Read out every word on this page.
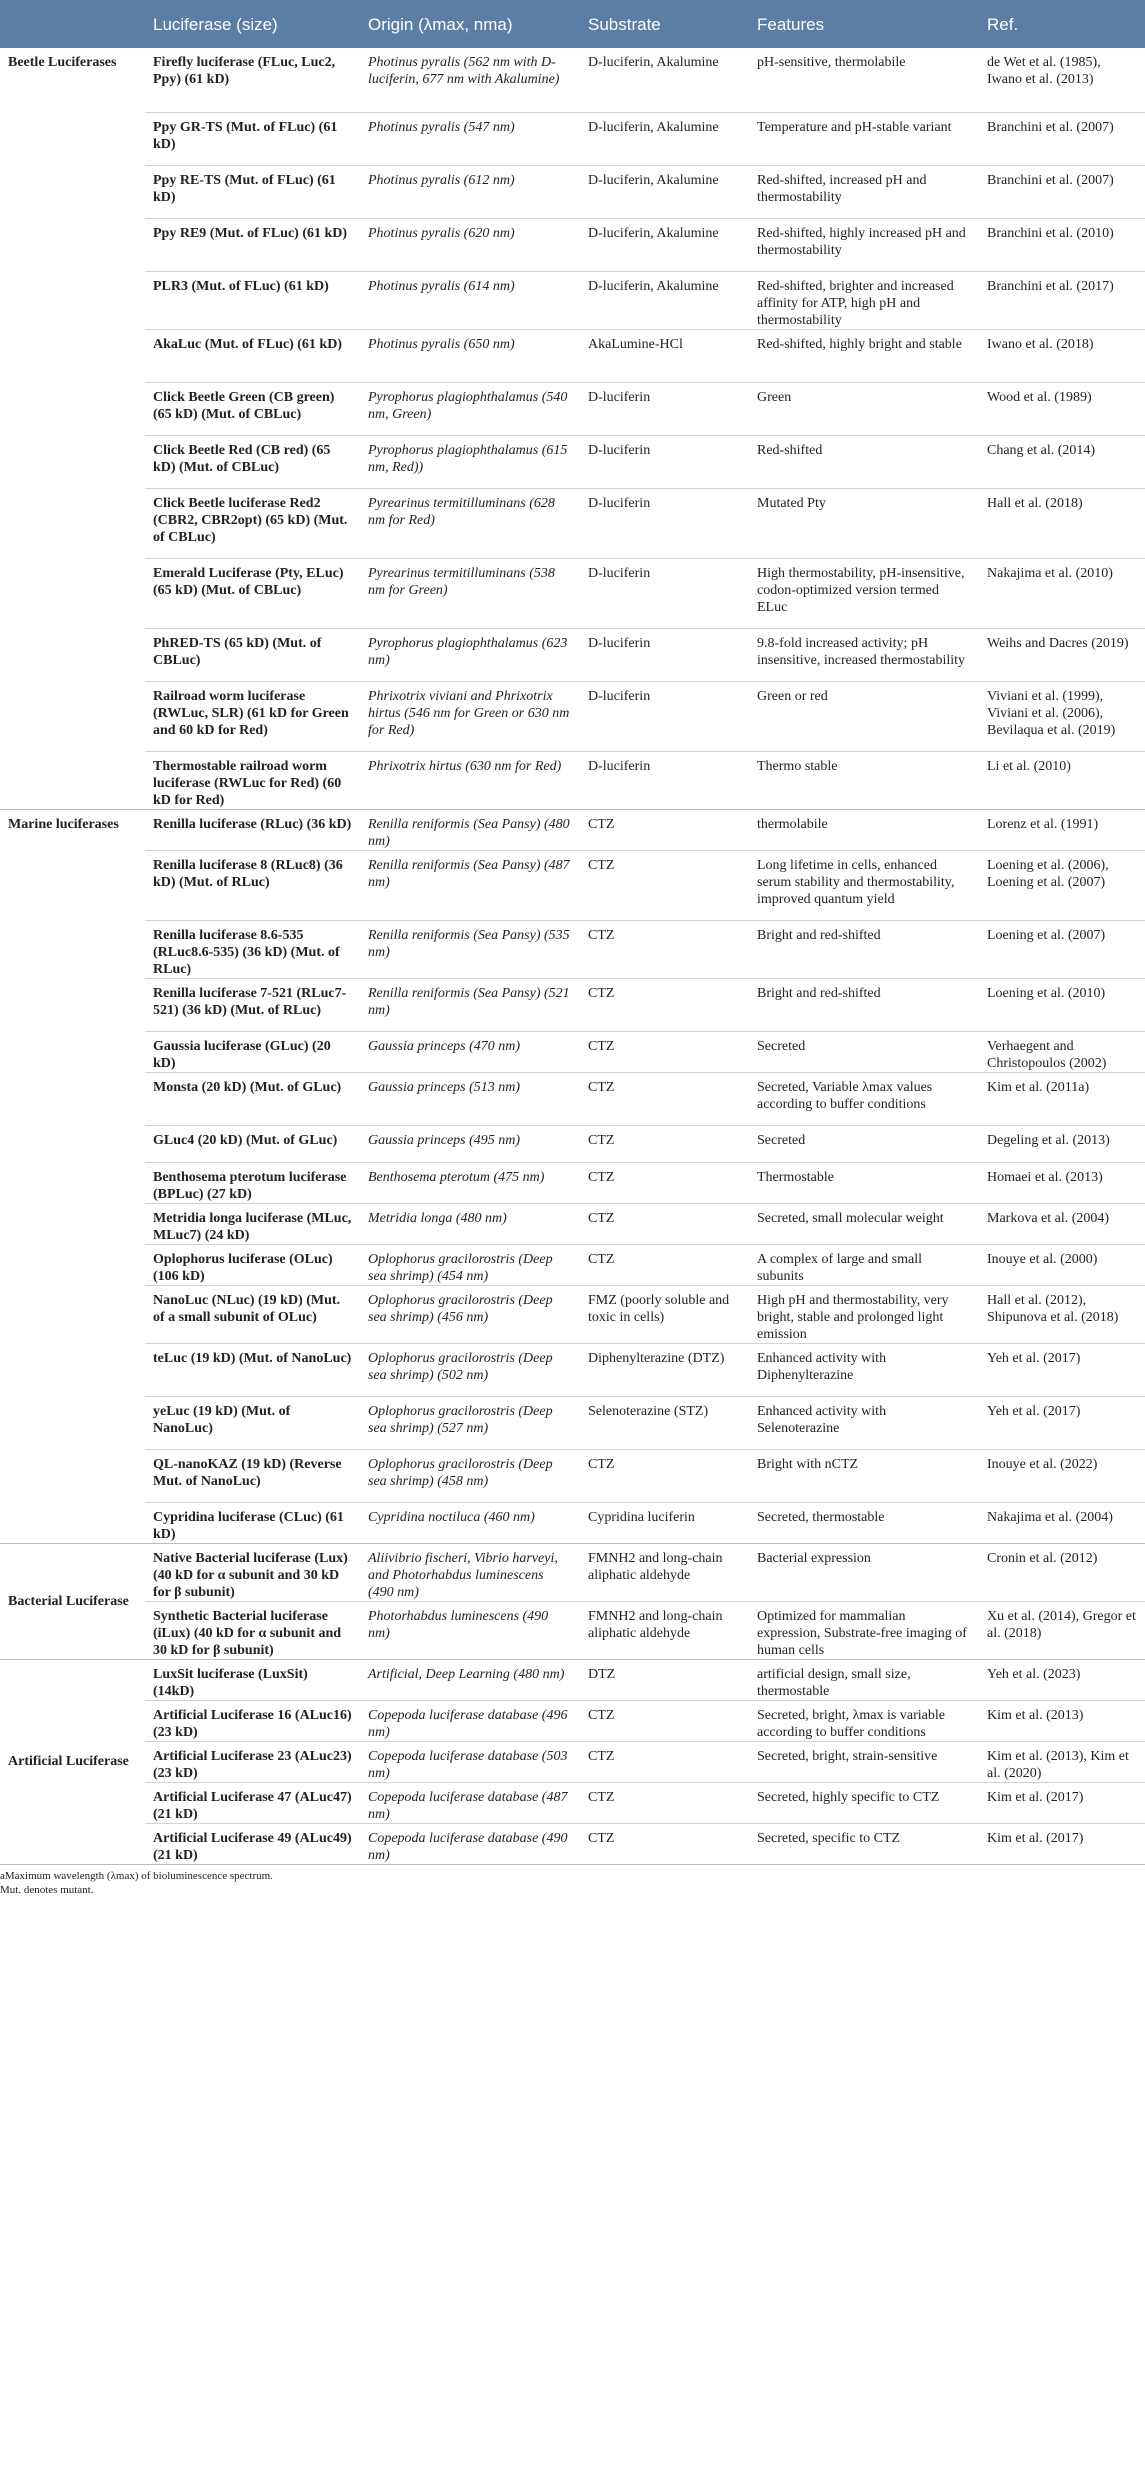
	Luciferase (size)	Origin (λmax, nma)	Substrate	Features	Ref.
Beetle Luciferases	Firefly luciferase (FLuc, Luc2, Ppy) (61 kD)	Photinus pyralis (562 nm with D-luciferin, 677 nm with Akalumine)	D-luciferin, Akalumine	pH-sensitive, thermolabile	de Wet et al. (1985), Iwano et al. (2013)
	Ppy GR-TS (Mut. of FLuc) (61 kD)	Photinus pyralis (547 nm)	D-luciferin, Akalumine	Temperature and pH-stable variant	Branchini et al. (2007)
	Ppy RE-TS (Mut. of FLuc) (61 kD)	Photinus pyralis (612 nm)	D-luciferin, Akalumine	Red-shifted, increased pH and thermostability	Branchini et al. (2007)
	Ppy RE9 (Mut. of FLuc) (61 kD)	Photinus pyralis (620 nm)	D-luciferin, Akalumine	Red-shifted, highly increased pH and thermostability	Branchini et al. (2010)
	PLR3 (Mut. of FLuc) (61 kD)	Photinus pyralis (614 nm)	D-luciferin, Akalumine	Red-shifted, brighter and increased affinity for ATP, high pH and thermostability	Branchini et al. (2017)
	AkaLuc (Mut. of FLuc) (61 kD)	Photinus pyralis (650 nm)	AkaLumine-HCl	Red-shifted, highly bright and stable	Iwano et al. (2018)
	Click Beetle Green (CB green) (65 kD) (Mut. of CBLuc)	Pyrophorus plagiophthalamus (540 nm, Green)	D-luciferin	Green	Wood et al. (1989)
	Click Beetle Red (CB red) (65 kD) (Mut. of CBLuc)	Pyrophorus plagiophthalamus (615 nm, Red))	D-luciferin	Red-shifted	Chang et al. (2014)
	Click Beetle luciferase Red2 (CBR2, CBR2opt) (65 kD) (Mut. of CBLuc)	Pyrearinus termitilluminans (628 nm for Red)	D-luciferin	Mutated Pty	Hall et al. (2018)
	Emerald Luciferase (Pty, ELuc) (65 kD) (Mut. of CBLuc)	Pyrearinus termitilluminans (538 nm for Green)	D-luciferin	High thermostability, pH-insensitive, codon-optimized version termed ELuc	Nakajima et al. (2010)
	PhRED-TS (65 kD) (Mut. of CBLuc)	Pyrophorus plagiophthalamus (623 nm)	D-luciferin	9.8-fold increased activity; pH insensitive, increased thermostability	Weihs and Dacres (2019)
	Railroad worm luciferase (RWLuc, SLR) (61 kD for Green and 60 kD for Red)	Phrixotrix viviani and Phrixotrix hirtus (546 nm for Green or 630 nm for Red)	D-luciferin	Green or red	Viviani et al. (1999), Viviani et al. (2006), Bevilaqua et al. (2019)
	Thermostable railroad worm luciferase (RWLuc for Red) (60 kD for Red)	Phrixotrix hirtus (630 nm for Red)	D-luciferin	Thermo stable	Li et al. (2010)
Marine luciferases	Renilla luciferase (RLuc) (36 kD)	Renilla reniformis (Sea Pansy) (480 nm)	CTZ	thermolabile	Lorenz et al. (1991)
	Renilla luciferase 8 (RLuc8) (36 kD) (Mut. of RLuc)	Renilla reniformis (Sea Pansy) (487 nm)	CTZ	Long lifetime in cells, enhanced serum stability and thermostability, improved quantum yield	Loening et al. (2006), Loening et al. (2007)
	Renilla luciferase 8.6-535 (RLuc8.6-535) (36 kD) (Mut. of RLuc)	Renilla reniformis (Sea Pansy) (535 nm)	CTZ	Bright and red-shifted	Loening et al. (2007)
	Renilla luciferase 7-521 (RLuc7-521) (36 kD) (Mut. of RLuc)	Renilla reniformis (Sea Pansy) (521 nm)	CTZ	Bright and red-shifted	Loening et al. (2010)
	Gaussia luciferase (GLuc) (20 kD)	Gaussia princeps (470 nm)	CTZ	Secreted	Verhaegent and Christopoulos (2002)
	Monsta (20 kD) (Mut. of GLuc)	Gaussia princeps (513 nm)	CTZ	Secreted, Variable λmax values according to buffer conditions	Kim et al. (2011a)
	GLuc4 (20 kD) (Mut. of GLuc)	Gaussia princeps (495 nm)	CTZ	Secreted	Degeling et al. (2013)
	Benthosema pterotum luciferase (BPLuc) (27 kD)	Benthosema pterotum (475 nm)	CTZ	Thermostable	Homaei et al. (2013)
	Metridia longa luciferase (MLuc, MLuc7) (24 kD)	Metridia longa (480 nm)	CTZ	Secreted, small molecular weight	Markova et al. (2004)
	Oplophorus luciferase (OLuc) (106 kD)	Oplophorus gracilorostris (Deep sea shrimp) (454 nm)	CTZ	A complex of large and small subunits	Inouye et al. (2000)
	NanoLuc (NLuc) (19 kD) (Mut. of a small subunit of OLuc)	Oplophorus gracilorostris (Deep sea shrimp) (456 nm)	FMZ (poorly soluble and toxic in cells)	High pH and thermostability, very bright, stable and prolonged light emission	Hall et al. (2012), Shipunova et al. (2018)
	teLuc (19 kD) (Mut. of NanoLuc)	Oplophorus gracilorostris (Deep sea shrimp) (502 nm)	Diphenylterazine (DTZ)	Enhanced activity with Diphenylterazine	Yeh et al. (2017)
	yeLuc (19 kD) (Mut. of NanoLuc)	Oplophorus gracilorostris (Deep sea shrimp) (527 nm)	Selenoterazine (STZ)	Enhanced activity with Selenoterazine	Yeh et al. (2017)
	QL-nanoKAZ (19 kD) (Reverse Mut. of NanoLuc)	Oplophorus gracilorostris (Deep sea shrimp) (458 nm)	CTZ	Bright with nCTZ	Inouye et al. (2022)
	Cypridina luciferase (CLuc) (61 kD)	Cypridina noctiluca (460 nm)	Cypridina luciferin	Secreted, thermostable	Nakajima et al. (2004)
Bacterial Luciferase	Native Bacterial luciferase (Lux) (40 kD for α subunit and 30 kD for β subunit)	Aliivibrio fischeri, Vibrio harveyi, and Photorhabdus luminescens (490 nm)	FMNH2 and long-chain aliphatic aldehyde	Bacterial expression	Cronin et al. (2012)
	Synthetic Bacterial luciferase (iLux) (40 kD for α subunit and 30 kD for β subunit)	Photorhabdus luminescens (490 nm)	FMNH2 and long-chain aliphatic aldehyde	Optimized for mammalian expression, Substrate-free imaging of human cells	Xu et al. (2014), Gregor et al. (2018)
Artificial Luciferase	LuxSit luciferase (LuxSit) (14kD)	Artificial, Deep Learning (480 nm)	DTZ	artificial design, small size, thermostable	Yeh et al. (2023)
	Artificial Luciferase 16 (ALuc16) (23 kD)	Copepoda luciferase database (496 nm)	CTZ	Secreted, bright, λmax is variable according to buffer conditions	Kim et al. (2013)
	Artificial Luciferase 23 (ALuc23) (23 kD)	Copepoda luciferase database (503 nm)	CTZ	Secreted, bright, strain-sensitive	Kim et al. (2013), Kim et al. (2020)
	Artificial Luciferase 47 (ALuc47) (21 kD)	Copepoda luciferase database (487 nm)	CTZ	Secreted, highly specific to CTZ	Kim et al. (2017)
	Artificial Luciferase 49 (ALuc49) (21 kD)	Copepoda luciferase database (490 nm)	CTZ	Secreted, specific to CTZ	Kim et al. (2017)
aMaximum wavelength (λmax) of bioluminescence spectrum.
Mut. denotes mutant.
